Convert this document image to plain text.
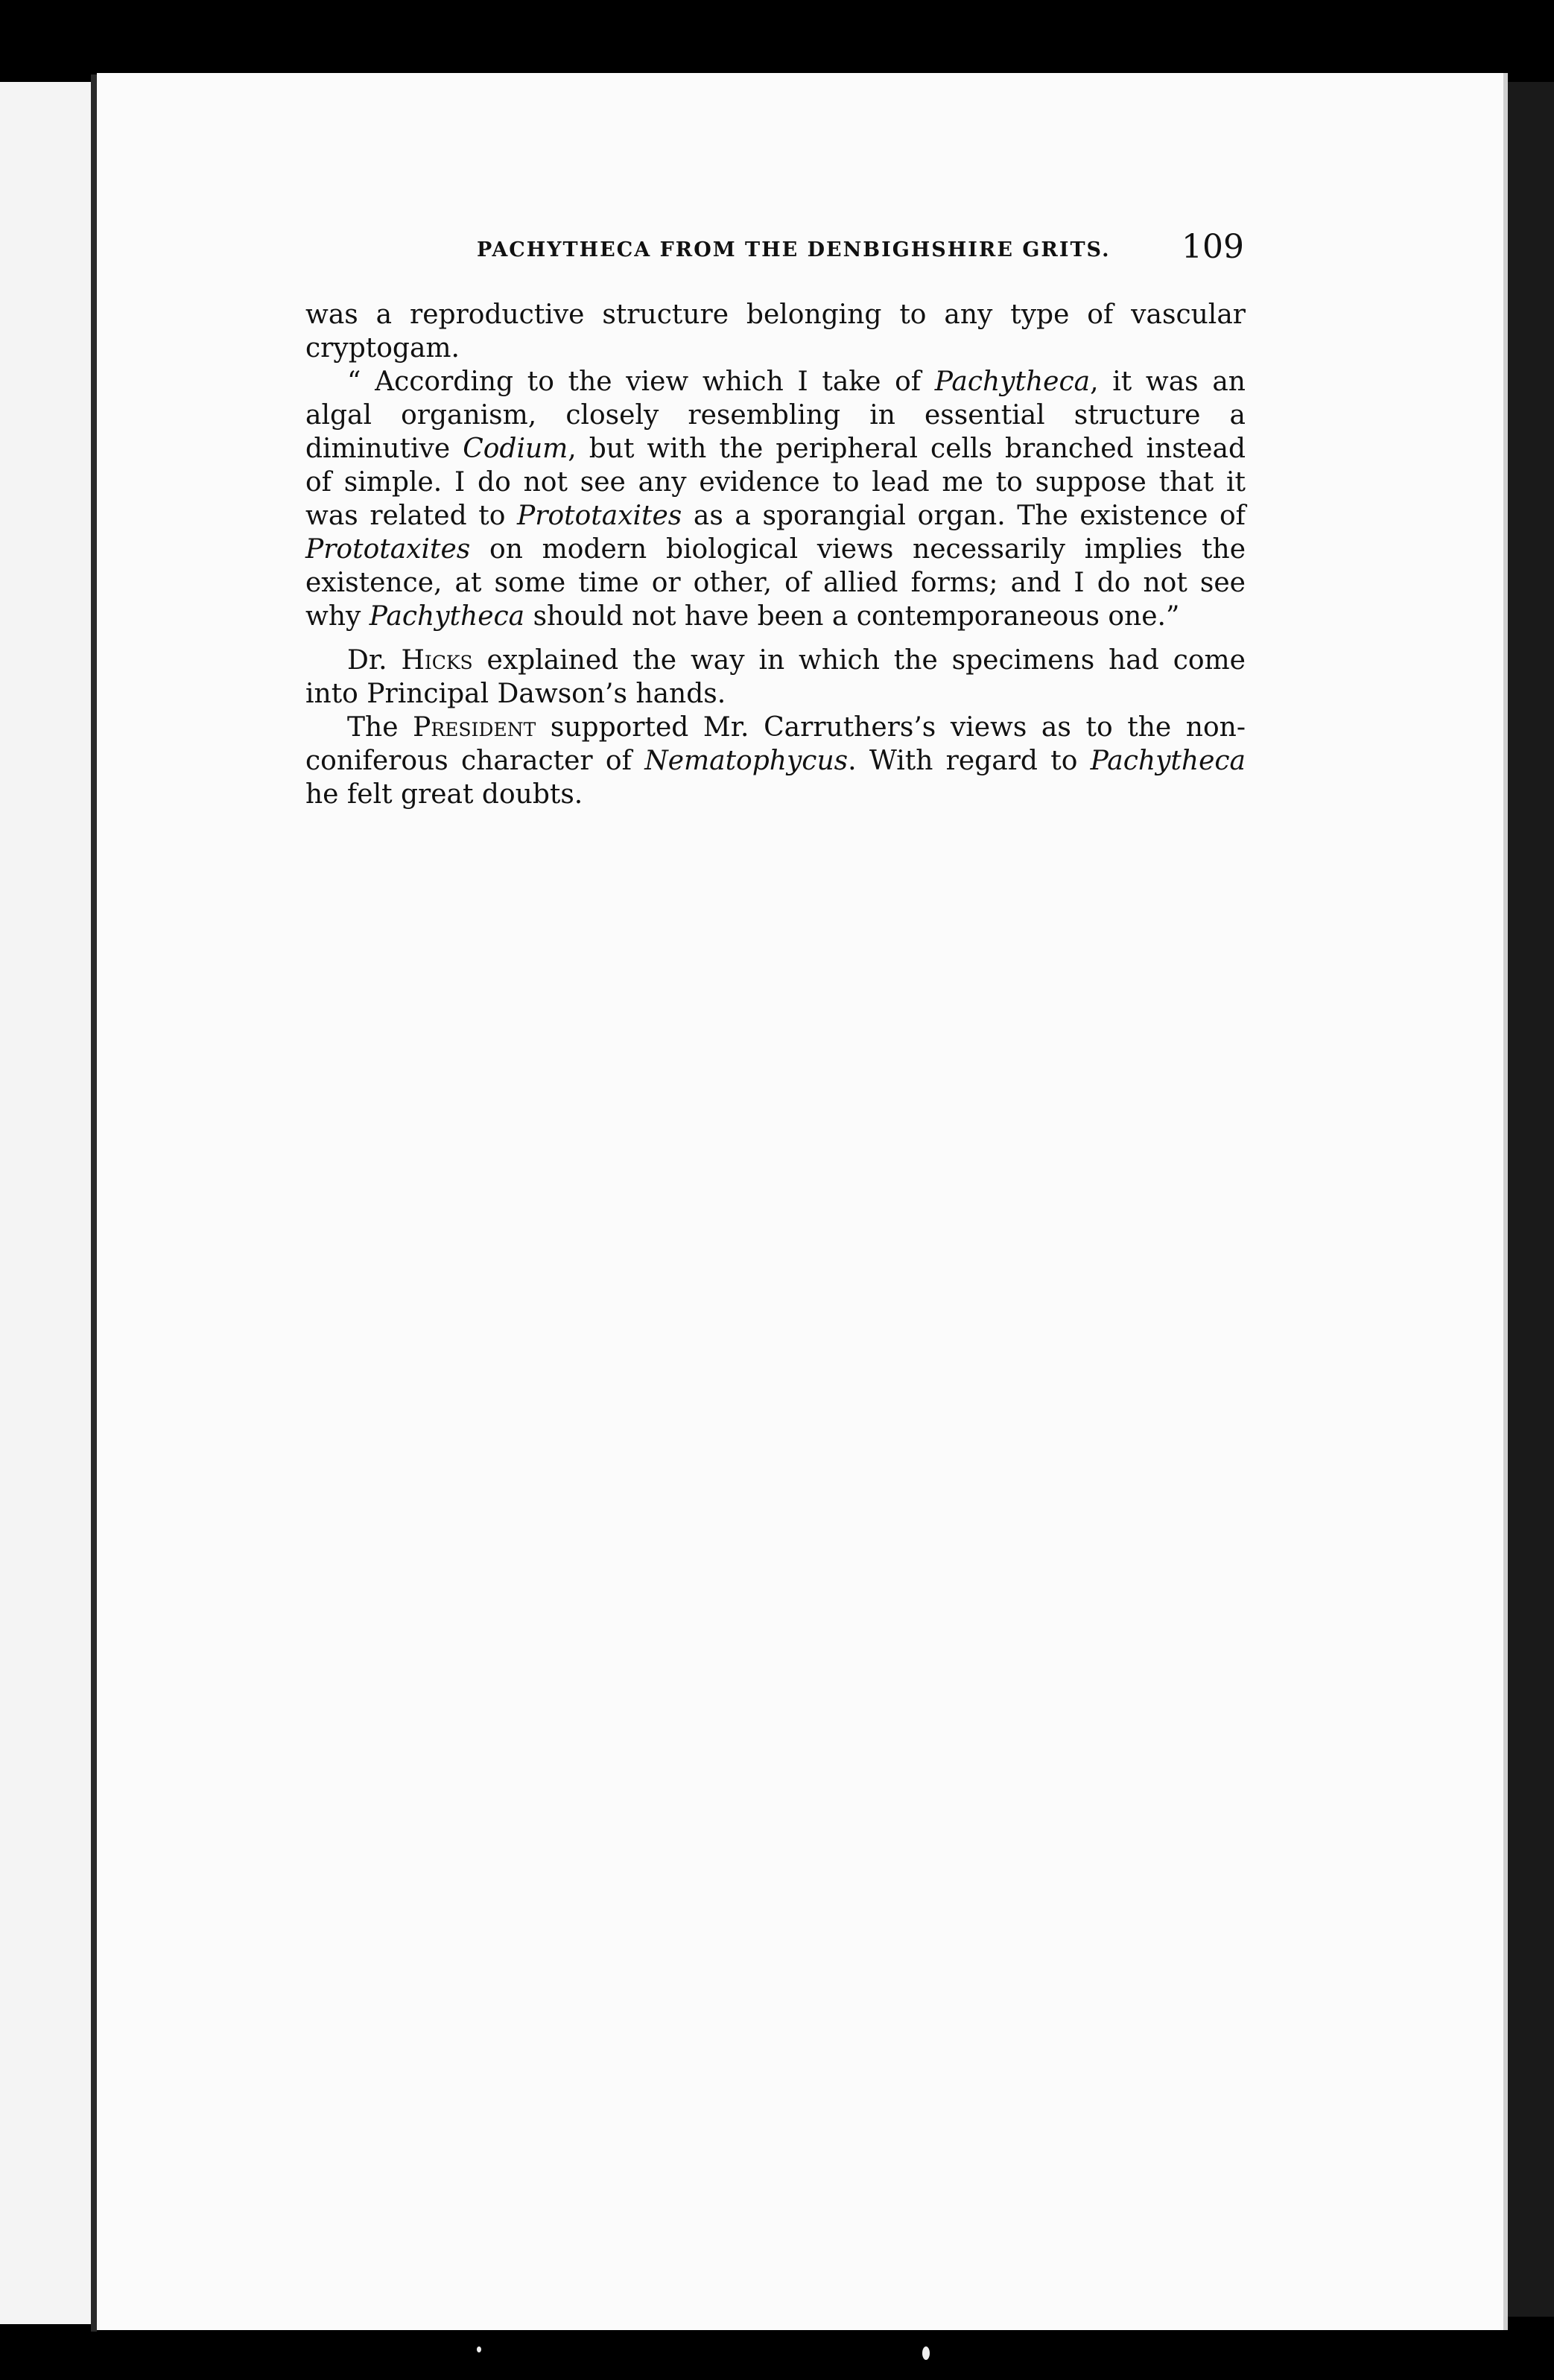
PACHYTHECA FROM THE DENBIGHSHIRE GRITS. 109

was a reproductive structure belonging to any type of vascular cryptogam.

“ According to the view which I take of Pachytheca, it was an algal organism, closely resembling in essential structure a diminutive Codium, but with the peripheral cells branched instead of simple. I do not see any evidence to lead me to suppose that it was related to Prototaxites as a sporangial organ. The existence of Prototaxites on modern biological views necessarily implies the existence, at some time or other, of allied forms; and I do not see why Pachytheca should not have been a contemporaneous one.”

Dr. Hicks explained the way in which the specimens had come into Principal Dawson’s hands.

The President supported Mr. Carruthers’s views as to the non-coniferous character of Nematophycus. With regard to Pachytheca he felt great doubts.
